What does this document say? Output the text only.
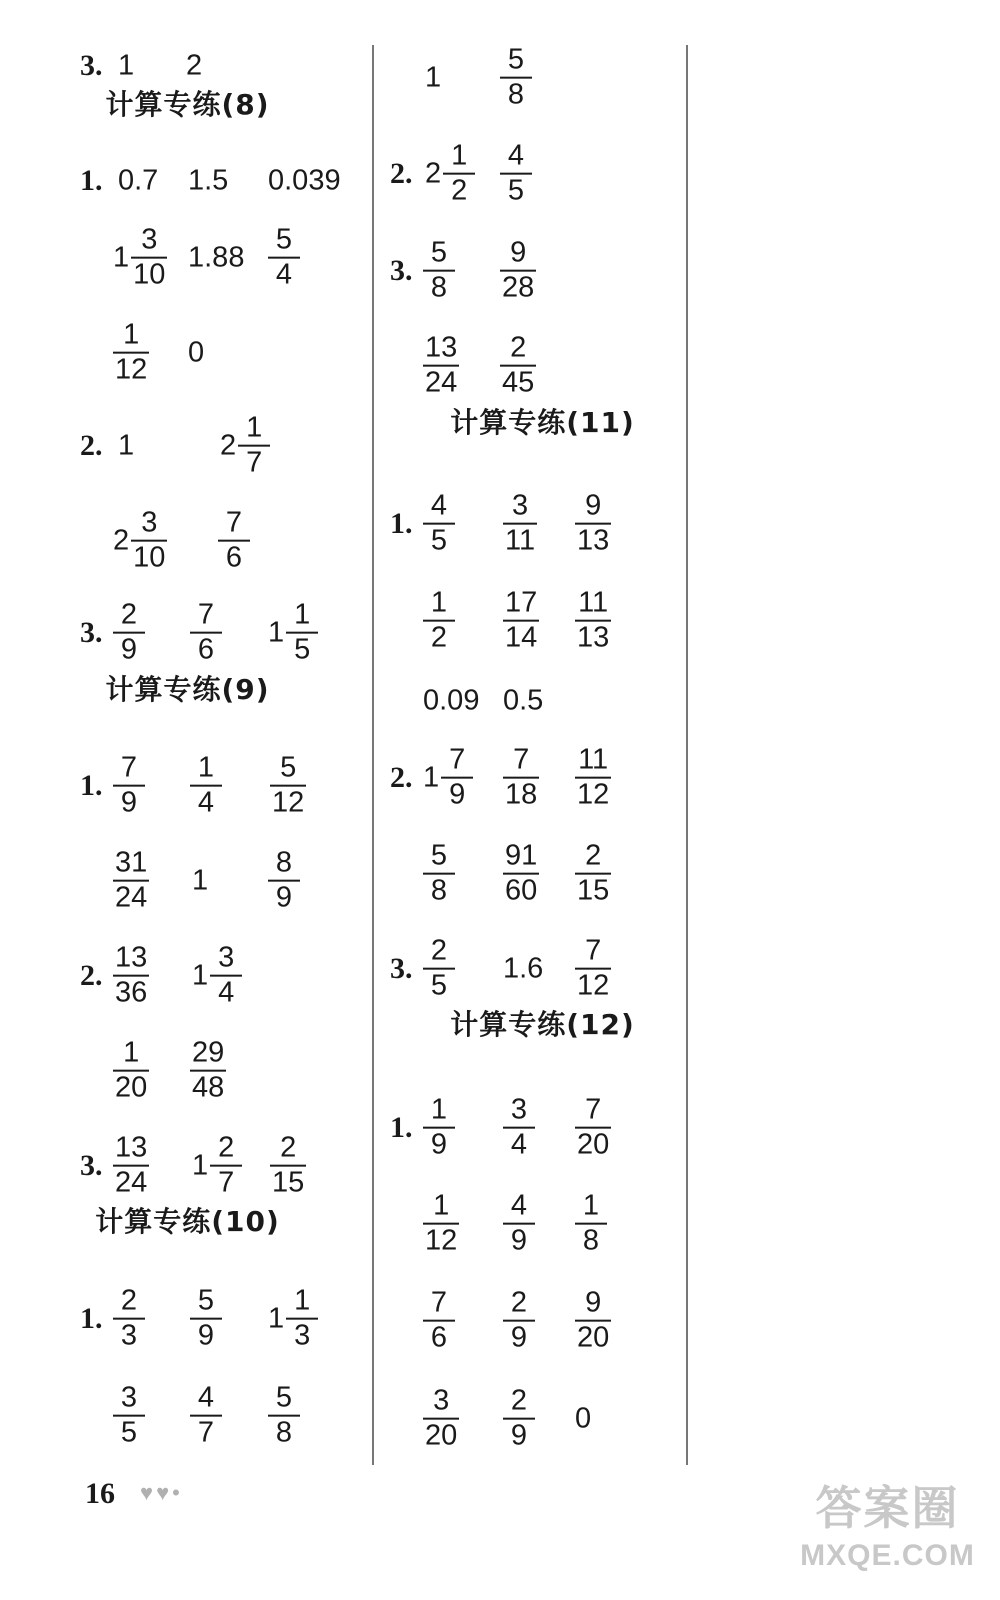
3. 1 2
计算专练(8)
1. 0.7 1.5 0.039
$1 \frac{3}{10} 1.88 \frac{5}{4}$
$\frac{1}{12} 0$
2. 1	$2 \frac{1}{7}$
$2 \frac{3}{10} \frac{7}{6}$
3. $\frac{2}{9} \frac{7}{6} 1 \frac{1}{5}$
计算专练(9)
1. $\frac{7}{9} \frac{1}{4} \frac{5}{12}$
$\frac{31}{24} 1 \frac{8}{9}$
2. $\frac{13}{36} 1 \frac{3}{4}$
$\frac{1}{20} \frac{29}{48}$
3. $\frac{13}{24} 1 \frac{2}{7} \frac{2}{15}$
计算专练(10)
1. $\frac{2}{3} \frac{5}{9} 1 \frac{1}{3}$
$\frac{3}{5} \frac{4}{7} \frac{5}{8}$
$1 \frac{5}{8}$
2. $2 \frac{1}{2} \frac{4}{5}$
3. $\frac{5}{8} \frac{9}{28}$
$\frac{13}{24} \frac{2}{45}$
计算专练(11)
1. $\frac{4}{5} \frac{3}{11} \frac{9}{13}$
$\frac{1}{2} \frac{17}{14} \frac{11}{13}$
0.09 0.5
2. $1 \frac{7}{9} \frac{7}{18} \frac{11}{12}$
$\frac{5}{8} \frac{91}{60} \frac{2}{15}$
3. $\frac{2}{5} 1.6 \frac{7}{12}$
计算专练(12)
1. $\frac{1}{9} \frac{3}{4} \frac{7}{20}$
$\frac{1}{12} \frac{4}{9} \frac{1}{8}$
$\frac{7}{6} \frac{2}{9} \frac{9}{20}$
$\frac{3}{20} \frac{2}{9} 0$
16 ♥♥•	答案圈
MXQE.COM
